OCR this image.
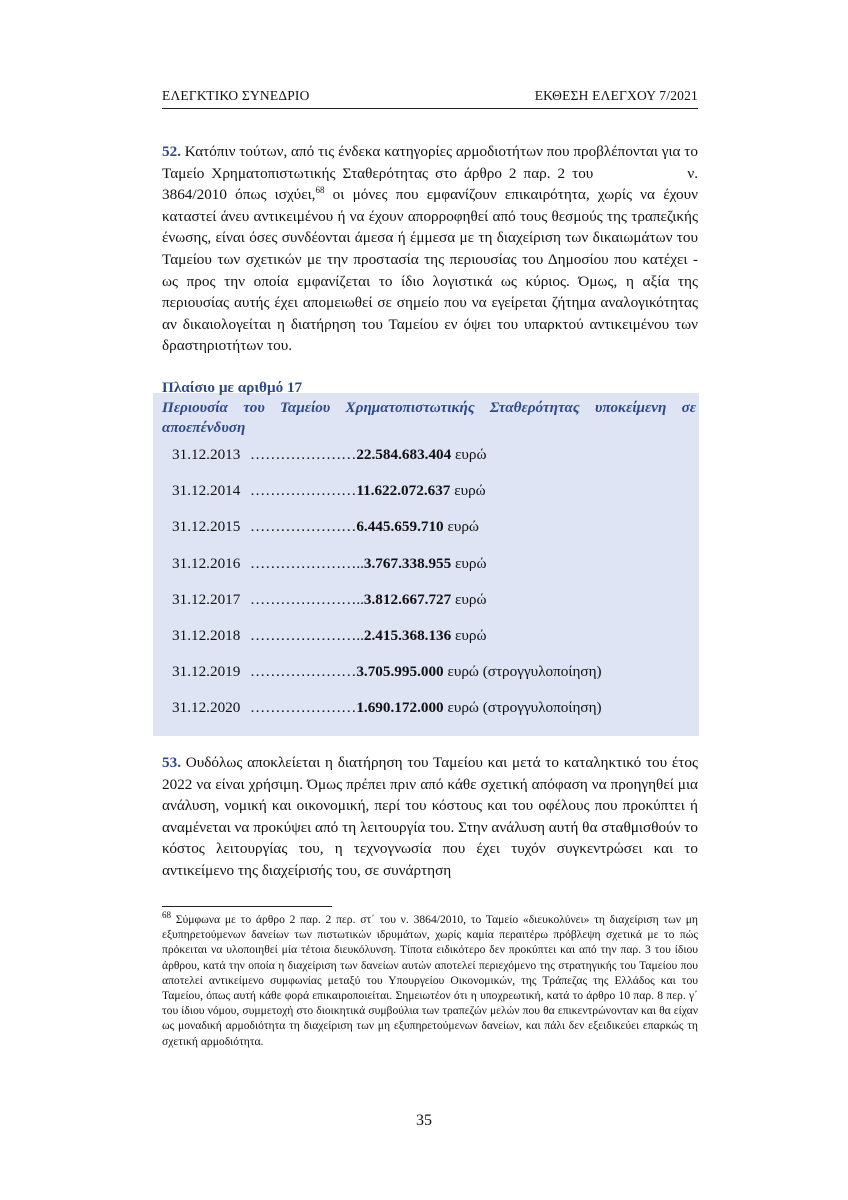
ΕΛΕΓΚΤΙΚΟ ΣΥΝΕΔΡΙΟ	ΕΚΘΕΣΗ ΕΛΕΓΧΟΥ 7/2021

52. Κατόπιν τούτων, από τις ένδεκα κατηγορίες αρμοδιοτήτων που προβλέπονται για το Ταμείο Χρηματοπιστωτικής Σταθερότητας στο άρθρο 2 παρ. 2 του	ν. 3864/2010 όπως ισχύει,$^{68}$ οι μόνες που εμφανίζουν επικαιρότητα, χωρίς να έχουν καταστεί άνευ αντικειμένου ή να έχουν απορροφηθεί από τους θεσμούς της τραπεζικής ένωσης, είναι όσες συνδέονται άμεσα ή έμμεσα με τη διαχείριση των δικαιωμάτων του Ταμείου των σχετικών με την προστασία της περιουσίας του Δημοσίου που κατέχει - ως προς την οποία εμφανίζεται το ίδιο λογιστικά ως κύριος. Όμως, η αξία της περιουσίας αυτής έχει απομειωθεί σε σημείο που να εγείρεται ζήτημα αναλογικότητας αν δικαιολογείται η διατήρηση του Ταμείου εν όψει του υπαρκτού αντικειμένου των δραστηριοτήτων του.

Πλαίσιο με αριθμό 17
Περιουσία του Ταμείου Χρηματοπιστωτικής Σταθερότητας υποκείμενη σε αποεπένδυση
31.12.2013…………………22.584.683.404 ευρώ
31.12.2014…………………11.622.072.637 ευρώ
31.12.2015…………………6.445.659.710 ευρώ
31.12.2016 …………………..3.767.338.955 ευρώ
31.12.2017 …………………..3.812.667.727 ευρώ
31.12.2018 …………………..2.415.368.136 ευρώ
31.12.2019 …………………3.705.995.000 ευρώ (στρογγυλοποίηση)
31.12.2020 …………………1.690.172.000 ευρώ (στρογγυλοποίηση)

53. Ουδόλως αποκλείεται η διατήρηση του Ταμείου και μετά το καταληκτικό του έτος 2022 να είναι χρήσιμη. Όμως πρέπει πριν από κάθε σχετική απόφαση να προηγηθεί μια ανάλυση, νομική και οικονομική, περί του κόστους και του οφέλους που προκύπτει ή αναμένεται να προκύψει από τη λειτουργία του. Στην ανάλυση αυτή θα σταθμισθούν το κόστος λειτουργίας του, η τεχνογνωσία που έχει τυχόν συγκεντρώσει και το αντικείμενο της διαχείρισής του, σε συνάρτηση

$^{68}$ Σύμφωνα με το άρθρο 2 παρ. 2 περ. στ΄ του ν. 3864/2010, το Ταμείο «διευκολύνει» τη διαχείριση των μη εξυπηρετούμενων δανείων των πιστωτικών ιδρυμάτων, χωρίς καμία περαιτέρω πρόβλεψη σχετικά με το πώς πρόκειται να υλοποιηθεί μία τέτοια διευκόλυνση. Τίποτα ειδικότερο δεν προκύπτει και από την παρ. 3 του ίδιου άρθρου, κατά την οποία η διαχείριση των δανείων αυτών αποτελεί περιεχόμενο της στρατηγικής του Ταμείου που αποτελεί αντικείμενο συμφωνίας μεταξύ του Υπουργείου Οικονομικών, της Τράπεζας της Ελλάδος και του Ταμείου, όπως αυτή κάθε φορά επικαιροποιείται. Σημειωτέον ότι η υποχρεωτική, κατά το άρθρο 10 παρ. 8 περ. γ΄ του ίδιου νόμου, συμμετοχή στο διοικητικά συμβούλια των τραπεζών μελών που θα επικεντρώνονταν και θα είχαν ως μοναδική αρμοδιότητα τη διαχείριση των μη εξυπηρετούμενων δανείων, και πάλι δεν εξειδικεύει επαρκώς τη σχετική αρμοδιότητα.

35
